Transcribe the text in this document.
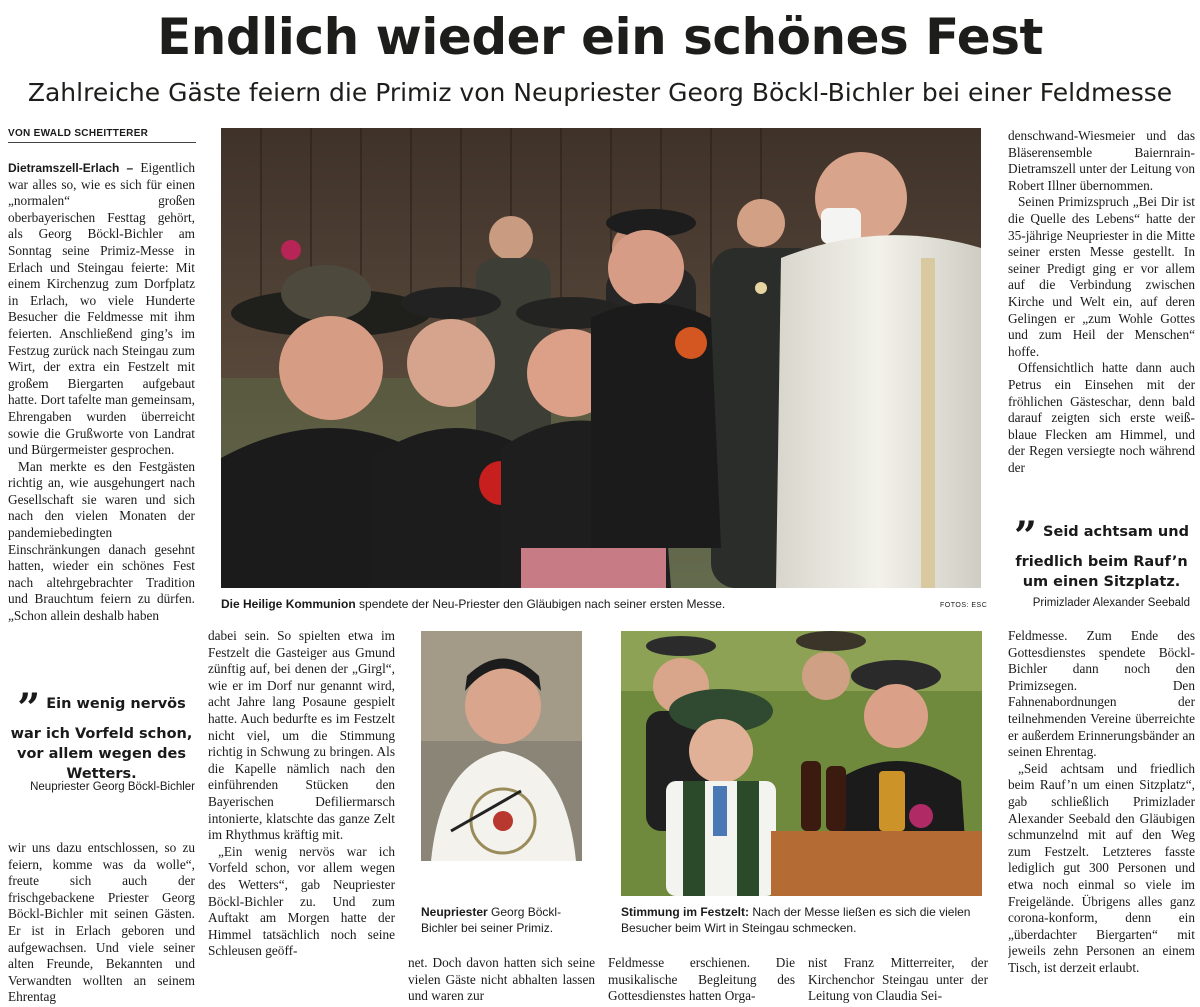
Endlich wieder ein schönes Fest
Zahlreiche Gäste feiern die Primiz von Neupriester Georg Böckl-Bichler bei einer Feldmesse
VON EWALD SCHEITTERER

Dietramszell-Erlach – Eigentlich war alles so, wie es sich für einen „normalen“ großen oberbayerischen Festtag gehört, als Georg Böckl-Bichler am Sonntag seine Primiz-Messe in Erlach und Steingau feierte: Mit einem Kirchenzug zum Dorfplatz in Erlach, wo viele Hunderte Besucher die Feldmesse mit ihm feierten. Anschließend ging’s im Festzug zurück nach Steingau zum Wirt, der extra ein Festzelt mit großem Biergarten aufgebaut hatte. Dort tafelte man gemeinsam, Ehrengaben wurden überreicht sowie die Grußworte von Landrat und Bürgermeister gesprochen.

Man merkte es den Festgästen richtig an, wie ausgehungert nach Gesellschaft sie waren und sich nach den vielen Monaten der pandemiebedingten Einschränkungen danach gesehnt hatten, wieder ein schönes Fest nach altehrgebrachter Tradition und Brauchtum feiern zu dürfen. „Schon allein deshalb haben

” Ein wenig nervös war ich Vorfeld schon, vor allem wegen des Wetters.
Neupriester Georg Böckl-Bichler

wir uns dazu entschlossen, so zu feiern, komme was da wolle“, freute sich auch der frischgebackene Priester Georg Böckl-Bichler mit seinen Gästen. Er ist in Erlach geboren und aufgewachsen. Und viele seiner alten Freunde, Bekannten und Verwandten wollten an seinem Ehrentag

Die Heilige Kommunion spendete der Neu-Priester den Gläubigen nach seiner ersten Messe.	FOTOS: ESC

dabei sein. So spielten etwa im Festzelt die Gasteiger aus Gmund zünftig auf, bei denen der „Girgl“, wie er im Dorf nur genannt wird, acht Jahre lang Posaune gespielt hatte. Auch bedurfte es im Festzelt nicht viel, um die Stimmung richtig in Schwung zu bringen. Als die Kapelle nämlich nach den einführenden Stücken den Bayerischen Defiliermarsch intonierte, klatschte das ganze Zelt im Rhythmus kräftig mit.

„Ein wenig nervös war ich Vorfeld schon, vor allem wegen des Wetters“, gab Neupriester Böckl-Bichler zu. Und zum Auftakt am Morgen hatte der Himmel tatsächlich noch seine Schleusen geöff-

Neupriester Georg Böckl-Bichler bei seiner Primiz.
Stimmung im Festzelt: Nach der Messe ließen es sich die vielen Besucher beim Wirt in Steingau schmecken.

net. Doch davon hatten sich seine vielen Gäste nicht abhalten lassen und waren zur

Feldmesse erschienen. Die musikalische Begleitung des Gottesdienstes hatten Orga-

nist Franz Mitterreiter, der Kirchenchor Steingau unter der Leitung von Claudia Sei-

denschwand-Wiesmeier und das Bläserensemble Baiernrain-Dietramszell unter der Leitung von Robert Illner übernommen.

Seinen Primizspruch „Bei Dir ist die Quelle des Lebens“ hatte der 35-jährige Neupriester in die Mitte seiner ersten Messe gestellt. In seiner Predigt ging er vor allem auf die Verbindung zwischen Kirche und Welt ein, auf deren Gelingen er „zum Wohle Gottes und zum Heil der Menschen“ hoffe.

Offensichtlich hatte dann auch Petrus ein Einsehen mit der fröhlichen Gästeschar, denn bald darauf zeigten sich erste weiß-blaue Flecken am Himmel, und der Regen versiegte noch während der

” Seid achtsam und friedlich beim Rauf’n um einen Sitzplatz.
Primizlader Alexander Seebald

Feldmesse. Zum Ende des Gottesdienstes spendete Böckl-Bichler dann noch den Primizsegen. Den Fahnenabordnungen der teilnehmenden Vereine überreichte er außerdem Erinnerungsbänder an seinen Ehrentag.

„Seid achtsam und friedlich beim Rauf’n um einen Sitzplatz“, gab schließlich Primizlader Alexander Seebald den Gläubigen schmunzelnd mit auf den Weg zum Festzelt. Letzteres fasste lediglich gut 300 Personen und etwa noch einmal so viele im Freigelände. Übrigens alles ganz corona-konform, denn ein „überdachter Biergarten“ mit jeweils zehn Personen an einem Tisch, ist derzeit erlaubt.
